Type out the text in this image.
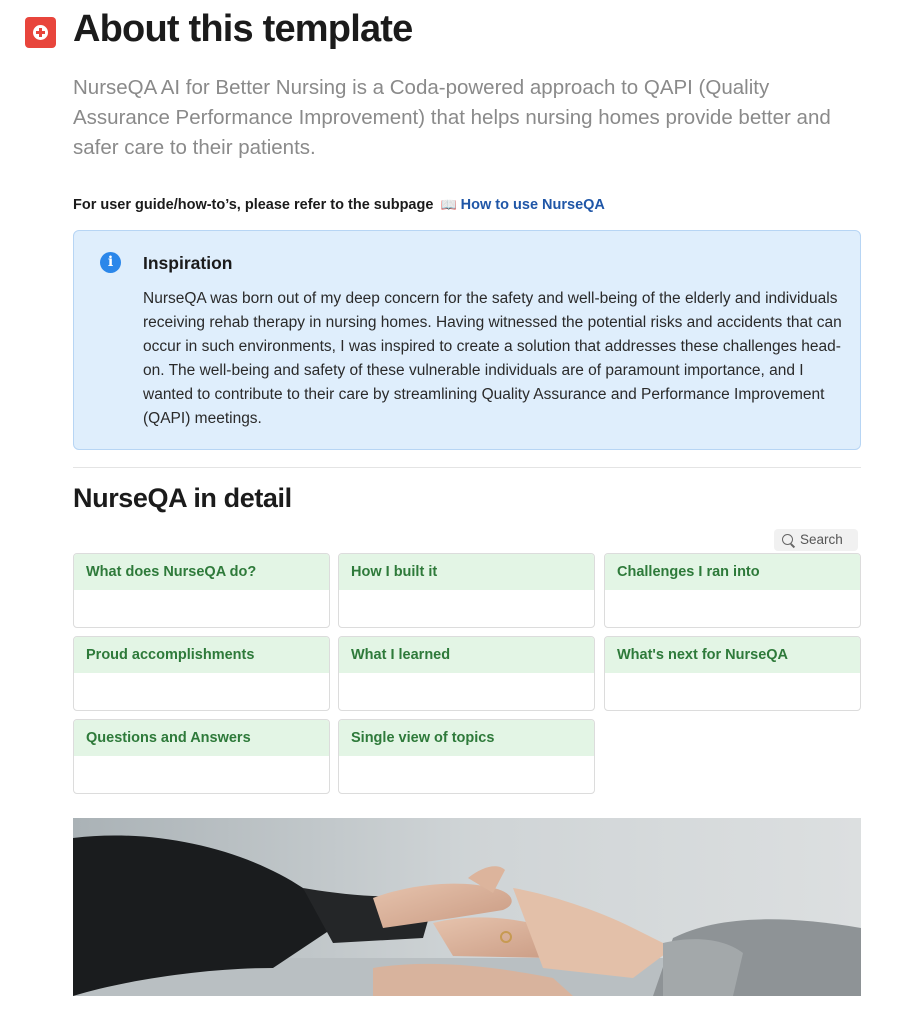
About this template

NurseQA AI for Better Nursing is a Coda-powered approach to QAPI (Quality Assurance Performance Improvement) that helps nursing homes provide better and safer care to their patients.

For user guide/how-to’s, please refer to the subpage 📖 How to use NurseQA
i	Inspiration
NurseQA was born out of my deep concern for the safety and well-being of the elderly and individuals receiving rehab therapy in nursing homes. Having witnessed the potential risks and accidents that can occur in such environments, I was inspired to create a solution that addresses these challenges head-on. The well-being and safety of these vulnerable individuals are of paramount importance, and I wanted to contribute to their care by streamlining Quality Assurance and Performance Improvement (QAPI) meetings.
NurseQA in detail
Search
What does NurseQA do?	How I built it	Challenges I ran into
Proud accomplishments	What I learned	What's next for NurseQA
Questions and Answers	Single view of topics
